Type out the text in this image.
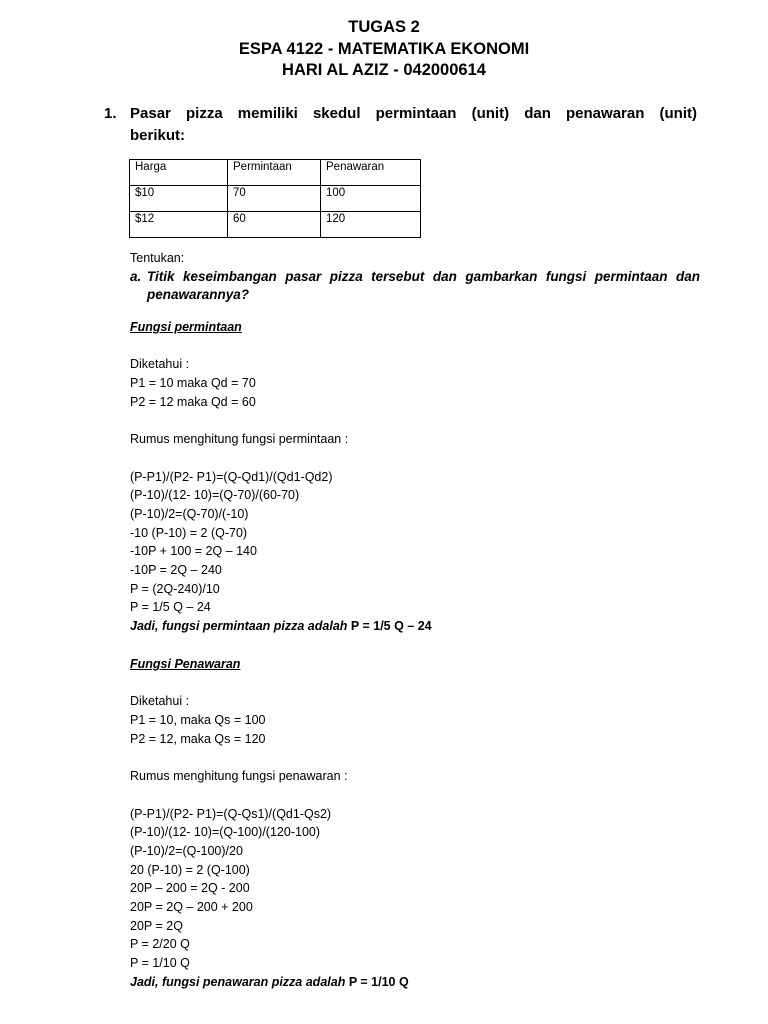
TUGAS 2
ESPA 4122 - MATEMATIKA EKONOMI
HARI AL AZIZ - 042000614
1. Pasar pizza memiliki skedul permintaan (unit) dan penawaran (unit) berikut:
Harga	Permintaan	Penawaran
$10	70	100
$12	60	120
Tentukan:
a. Titik keseimbangan pasar pizza tersebut dan gambarkan fungsi permintaan dan penawarannya?
Fungsi permintaan
Diketahui :
P1 = 10 maka Qd = 70
P2 = 12 maka Qd = 60
Rumus menghitung fungsi permintaan :
(P-P1)/(P2- P1)=(Q-Qd1)/(Qd1-Qd2)
(P-10)/(12- 10)=(Q-70)/(60-70)
(P-10)/2=(Q-70)/(-10)
-10 (P-10) = 2 (Q-70)
-10P + 100 = 2Q – 140
-10P = 2Q – 240
P = (2Q-240)/10
P = 1/5 Q – 24
Jadi, fungsi permintaan pizza adalah P = 1/5 Q – 24
Fungsi Penawaran
Diketahui :
P1 = 10, maka Qs = 100
P2 = 12, maka Qs = 120
Rumus menghitung fungsi penawaran :
(P-P1)/(P2- P1)=(Q-Qs1)/(Qd1-Qs2)
(P-10)/(12- 10)=(Q-100)/(120-100)
(P-10)/2=(Q-100)/20
20 (P-10) = 2 (Q-100)
20P – 200 = 2Q - 200
20P = 2Q – 200 + 200
20P = 2Q
P = 2/20 Q
P = 1/10 Q
Jadi, fungsi penawaran pizza adalah P = 1/10 Q
